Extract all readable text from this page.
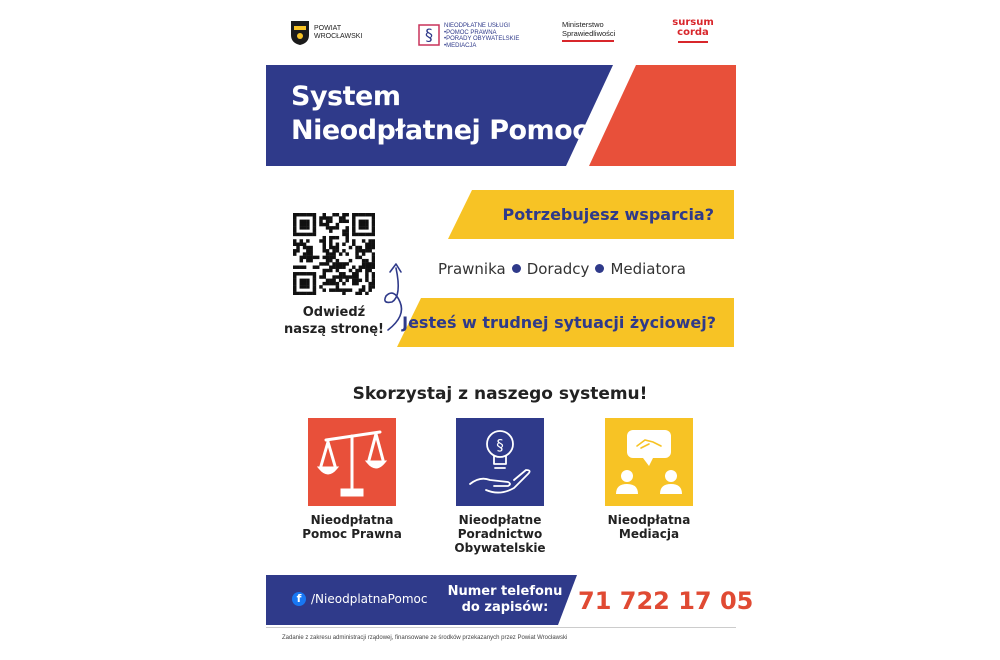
POWIAT
WROCŁAWSKI	§ NIEODPŁATNE USŁUGI
•POMOC PRAWNA
•PORADY OBYWATELSKIE
•MEDIACJA
Ministerstwo
Sprawiedliwości
sursum
corda
System
Nieodpłatnej Pomocy
Odwiedź
naszą stronę!
Potrzebujesz wsparcia?
Prawnika Doradcy Mediatora
Jesteś w trudnej sytuacji życiowej?
Skorzystaj z naszego systemu!
§
Nieodpłatna
Pomoc Prawna
Nieodpłatne
Poradnictwo
Obywatelskie
Nieodpłatna
Mediacja
f /NieodplatnaPomoc Numer telefonu
do zapisów:	71 722 17 05
Zadanie z zakresu administracji rządowej, finansowane ze środków przekazanych przez Powiat Wrocławski
